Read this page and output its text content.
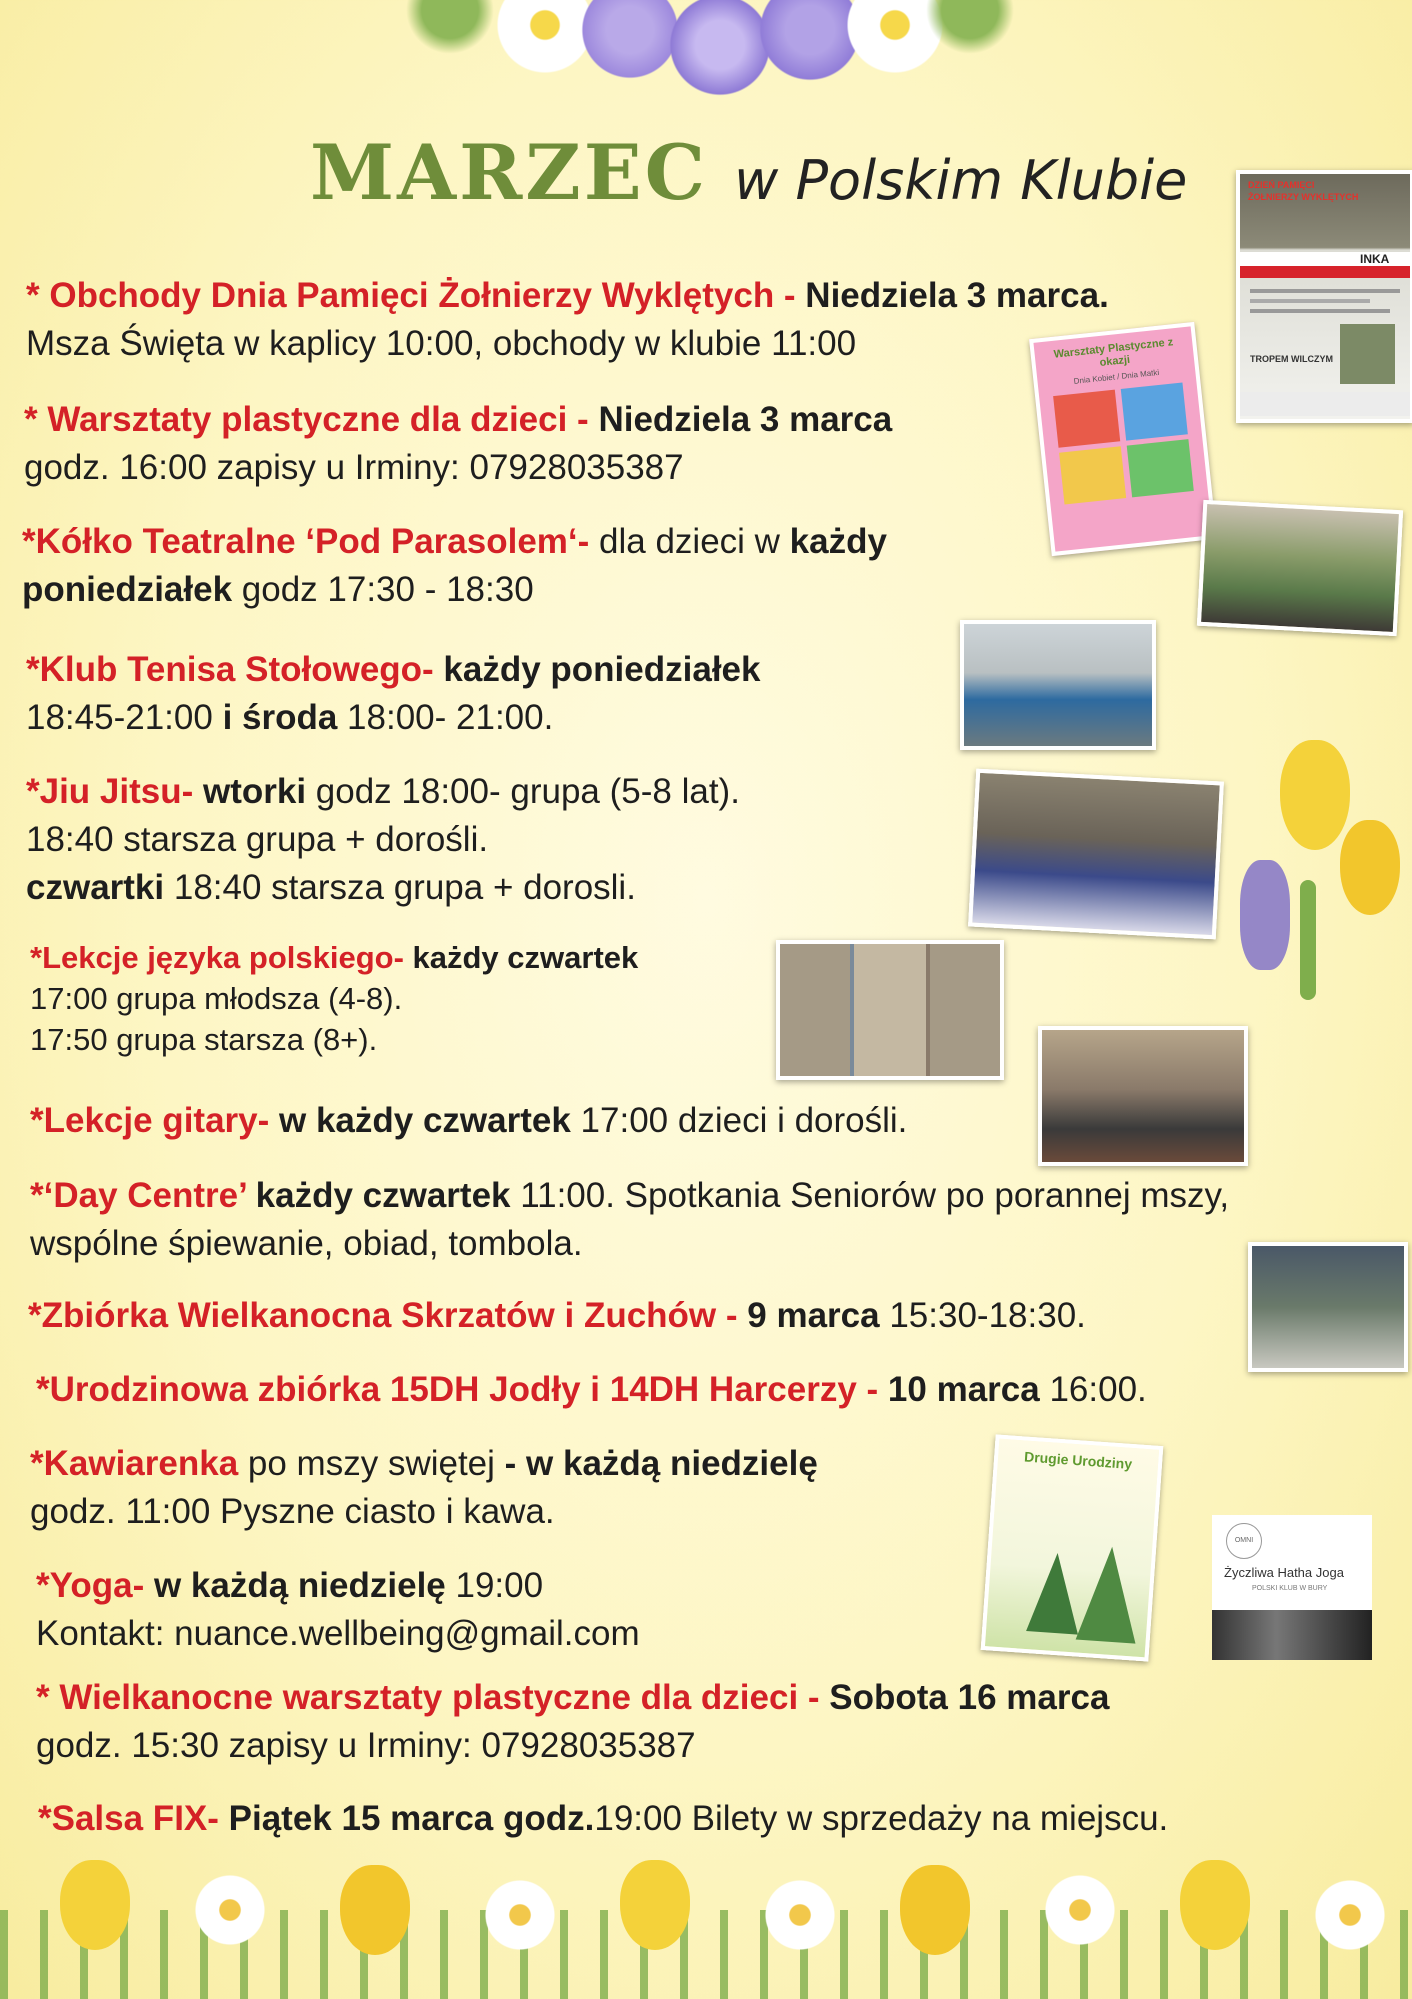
MARZEC w Polskim Klubie
* Obchody Dnia Pamięci Żołnierzy Wyklętych - Niedziela 3 marca.
Msza Święta w kaplicy 10:00, obchody w klubie 11:00
* Warsztaty plastyczne dla dzieci - Niedziela 3 marca
godz. 16:00 zapisy u Irminy: 07928035387
*Kółko Teatralne ‘Pod Parasolem‘- dla dzieci w każdy
poniedziałek godz 17:30 - 18:30
*Klub Tenisa Stołowego- każdy poniedziałek
18:45-21:00 i środa 18:00- 21:00.
*Jiu Jitsu- wtorki godz 18:00- grupa (5-8 lat).
18:40 starsza grupa + dorośli.
czwartki 18:40 starsza grupa + dorosli.
*Lekcje języka polskiego- każdy czwartek
17:00 grupa młodsza (4-8).
17:50 grupa starsza (8+).
*Lekcje gitary- w każdy czwartek 17:00 dzieci i dorośli.
*‘Day Centre’ każdy czwartek 11:00. Spotkania Seniorów po porannej mszy,
wspólne śpiewanie, obiad, tombola.
*Zbiórka Wielkanocna Skrzatów i Zuchów - 9 marca 15:30-18:30.
*Urodzinowa zbiórka 15DH Jodły i 14DH Harcerzy - 10 marca 16:00.
*Kawiarenka po mszy swiętej - w każdą niedzielę
godz. 11:00 Pyszne ciasto i kawa.
*Yoga- w każdą niedzielę 19:00
Kontakt: nuance.wellbeing@gmail.com
* Wielkanocne warsztaty plastyczne dla dzieci - Sobota 16 marca
godz. 15:30 zapisy u Irminy: 07928035387
*Salsa FIX- Piątek 15 marca godz.19:00 Bilety w sprzedaży na miejscu.
DZIEŃ PAMIĘCI
ŻOŁNIERZY WYKLĘTYCH
INKA
TROPEM WILCZYM
Warsztaty Plastyczne z okazji
Dnia Kobiet / Dnia Matki
Drugie Urodziny
OMNI
Życzliwa Hatha Joga
POLSKI KLUB W BURY
